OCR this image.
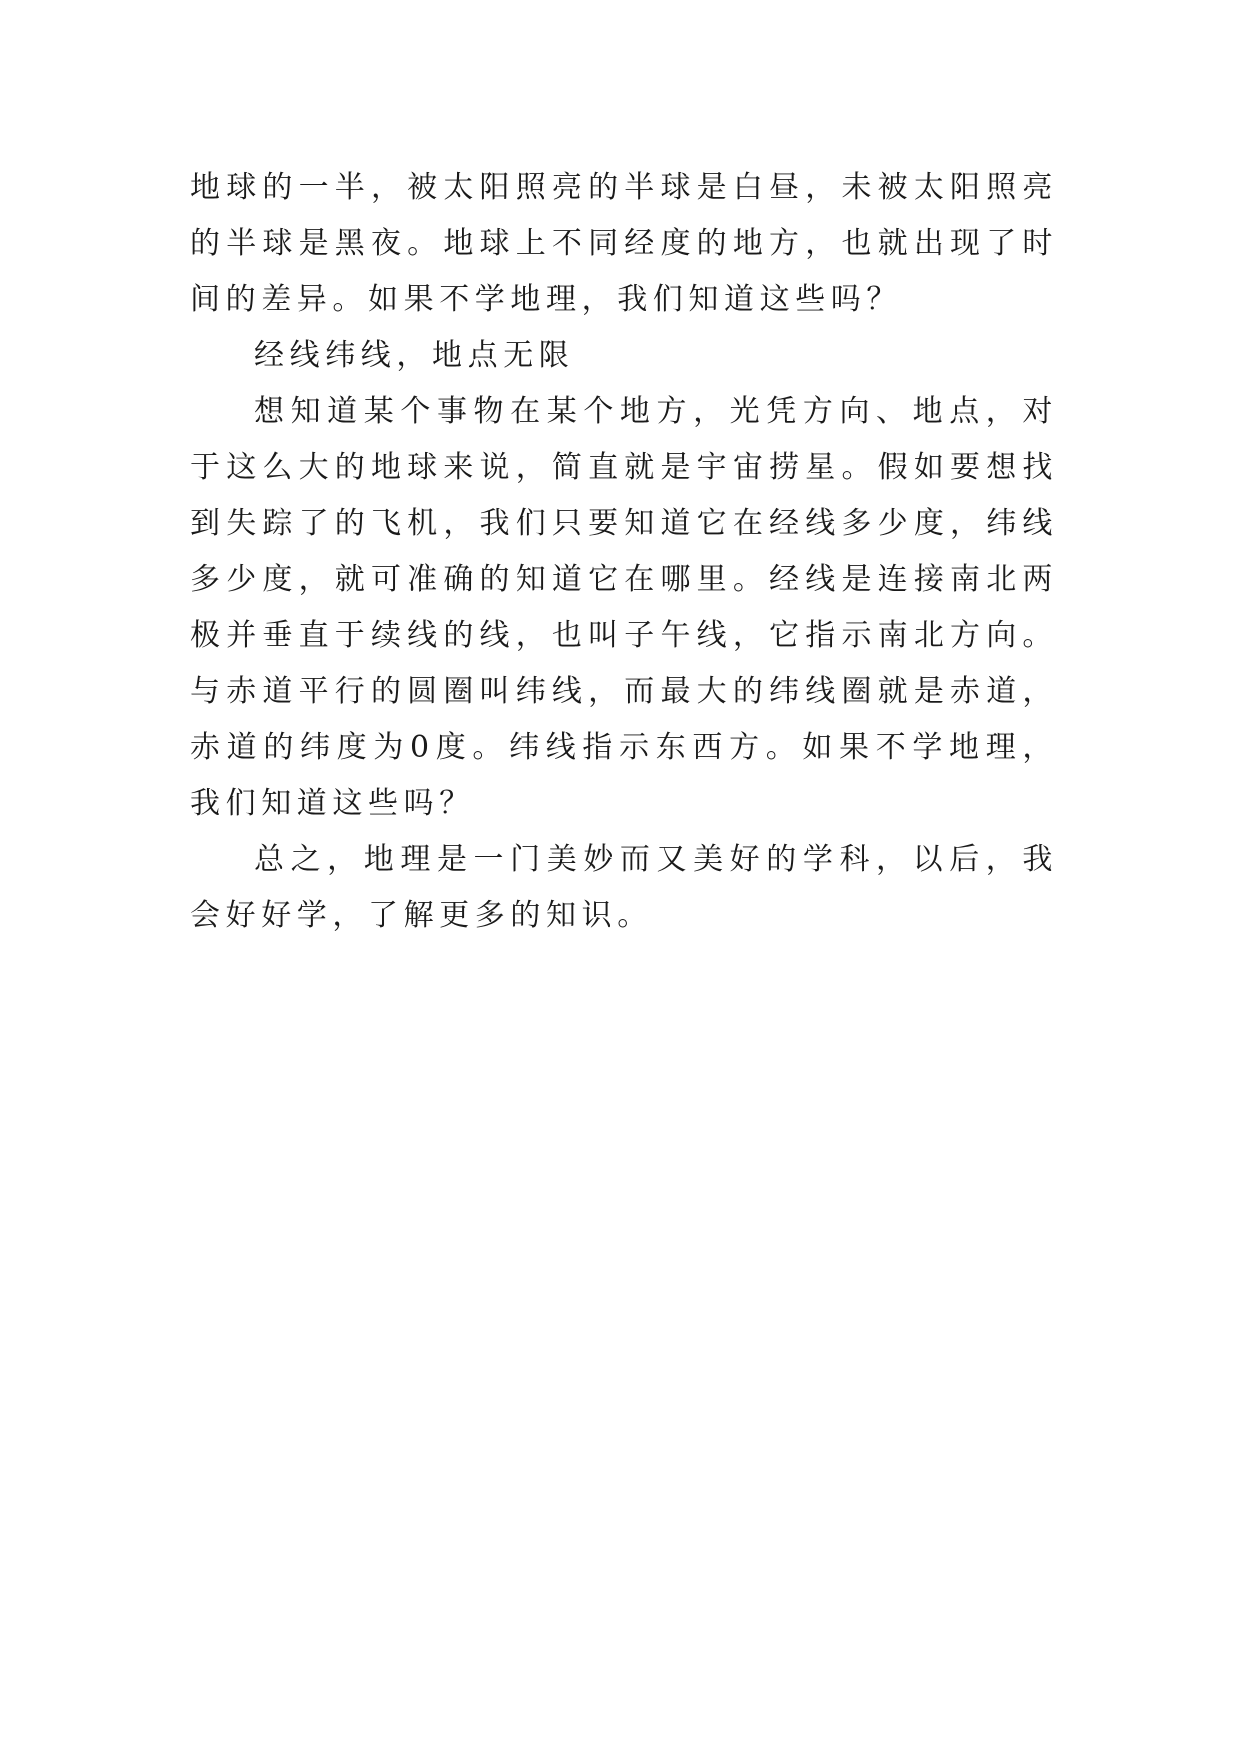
地球的一半，被太阳照亮的半球是白昼，未被太阳照亮的半球是黑夜。地球上不同经度的地方，也就出现了时间的差异。如果不学地理，我们知道这些吗？

经线纬线，地点无限

想知道某个事物在某个地方，光凭方向、地点，对于这么大的地球来说，简直就是宇宙捞星。假如要想找到失踪了的飞机，我们只要知道它在经线多少度，纬线多少度，就可准确的知道它在哪里。经线是连接南北两极并垂直于续线的线，也叫子午线，它指示南北方向。与赤道平行的圆圈叫纬线，而最大的纬线圈就是赤道，赤道的纬度为0度。纬线指示东西方。如果不学地理，我们知道这些吗？

总之，地理是一门美妙而又美好的学科，以后，我会好好学，了解更多的知识。
